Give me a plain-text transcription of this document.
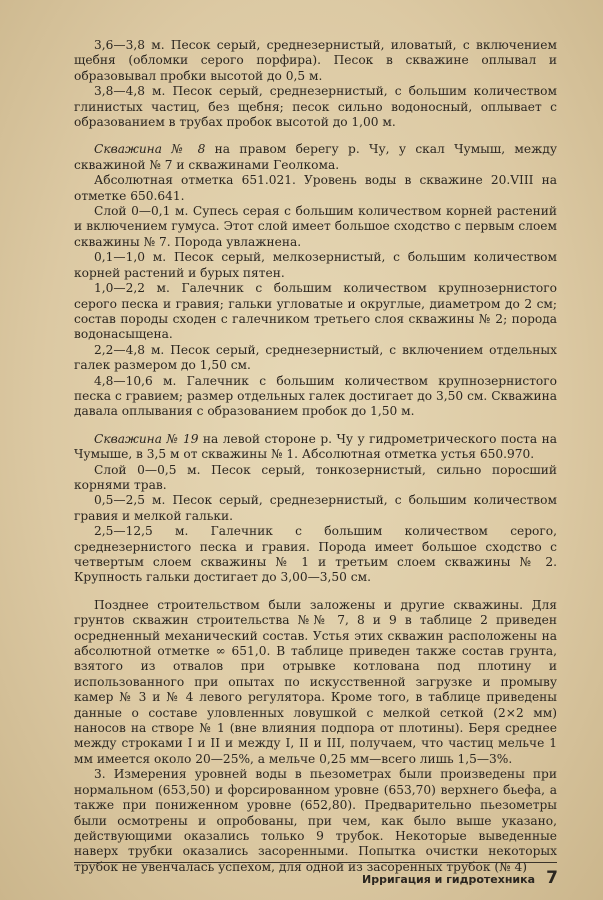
3,6—3,8 м. Песок серый, среднезернистый, иловатый, с включением щебня (обломки серого порфира). Песок в скважине оплывал и образовывал пробки высотой до 0,5 м.

3,8—4,8 м. Песок серый, среднезернистый, с большим количеством глинистых частиц, без щебня; песок сильно водоносный, оплывает с образованием в трубах пробок высотой до 1,00 м.

Скважина № 8 на правом берегу р. Чу, у скал Чумыш, между скважиной № 7 и скважинами Геолкома.

Абсолютная отметка 651.021. Уровень воды в скважине 20.VIII на отметке 650.641.

Слой 0—0,1 м. Супесь серая с большим количеством корней растений и включением гумуса. Этот слой имеет большое сходство с первым слоем скважины № 7. Порода увлажнена.

0,1—1,0 м. Песок серый, мелкозернистый, с большим количеством корней растений и бурых пятен.

1,0—2,2 м. Галечник с большим количеством крупнозернистого серого песка и гравия; гальки угловатые и округлые, диаметром до 2 см; состав породы сходен с галечником третьего слоя скважины № 2; порода водонасыщена.

2,2—4,8 м. Песок серый, среднезернистый, с включением отдельных галек размером до 1,50 см.

4,8—10,6 м. Галечник с большим количеством крупнозернистого песка с гравием; размер отдельных галек достигает до 3,50 см. Скважина давала оплывания с образованием пробок до 1,50 м.

Скважина № 19 на левой стороне р. Чу у гидрометрического поста на Чумыше, в 3,5 м от скважины № 1. Абсолютная отметка устья 650.970.

Слой 0—0,5 м. Песок серый, тонкозернистый, сильно поросший корнями трав.

0,5—2,5 м. Песок серый, среднезернистый, с большим количеством гравия и мелкой гальки.

2,5—12,5 м. Галечник с большим количеством серого, среднезернистого песка и гравия. Порода имеет большое сходство с четвертым слоем скважины № 1 и третьим слоем скважины № 2. Крупность гальки достигает до 3,00—3,50 см.

Позднее строительством были заложены и другие скважины. Для грунтов скважин строительства №№ 7, 8 и 9 в таблице 2 приведен осредненный механический состав. Устья этих скважин расположены на абсолютной отметке ∞ 651,0. В таблице приведен также состав грунта, взятого из отвалов при отрывке котлована под плотину и использованного при опытах по искусственной загрузке и промыву камер № 3 и № 4 левого регулятора. Кроме того, в таблице приведены данные о составе уловленных ловушкой с мелкой сеткой (2×2 мм) наносов на створе № 1 (вне влияния подпора от плотины). Беря среднее между строками I и II и между I, II и III, получаем, что частиц мельче 1 мм имеется около 20—25%, а мельче 0,25 мм—всего лишь 1,5—3%.

3. Измерения уровней воды в пьезометрах были произведены при нормальном (653,50) и форсированном уровне (653,70) верхнего бьефа, а также при пониженном уровне (652,80). Предварительно пьезометры были осмотрены и опробованы, при чем, как было выше указано, действующими оказались только 9 трубок. Некоторые выведенные наверх трубки оказались засоренными. Попытка очистки некоторых трубок не увенчалась успехом, для одной из засоренных трубок (№ 4)

Ирригация и гидротехника 7
